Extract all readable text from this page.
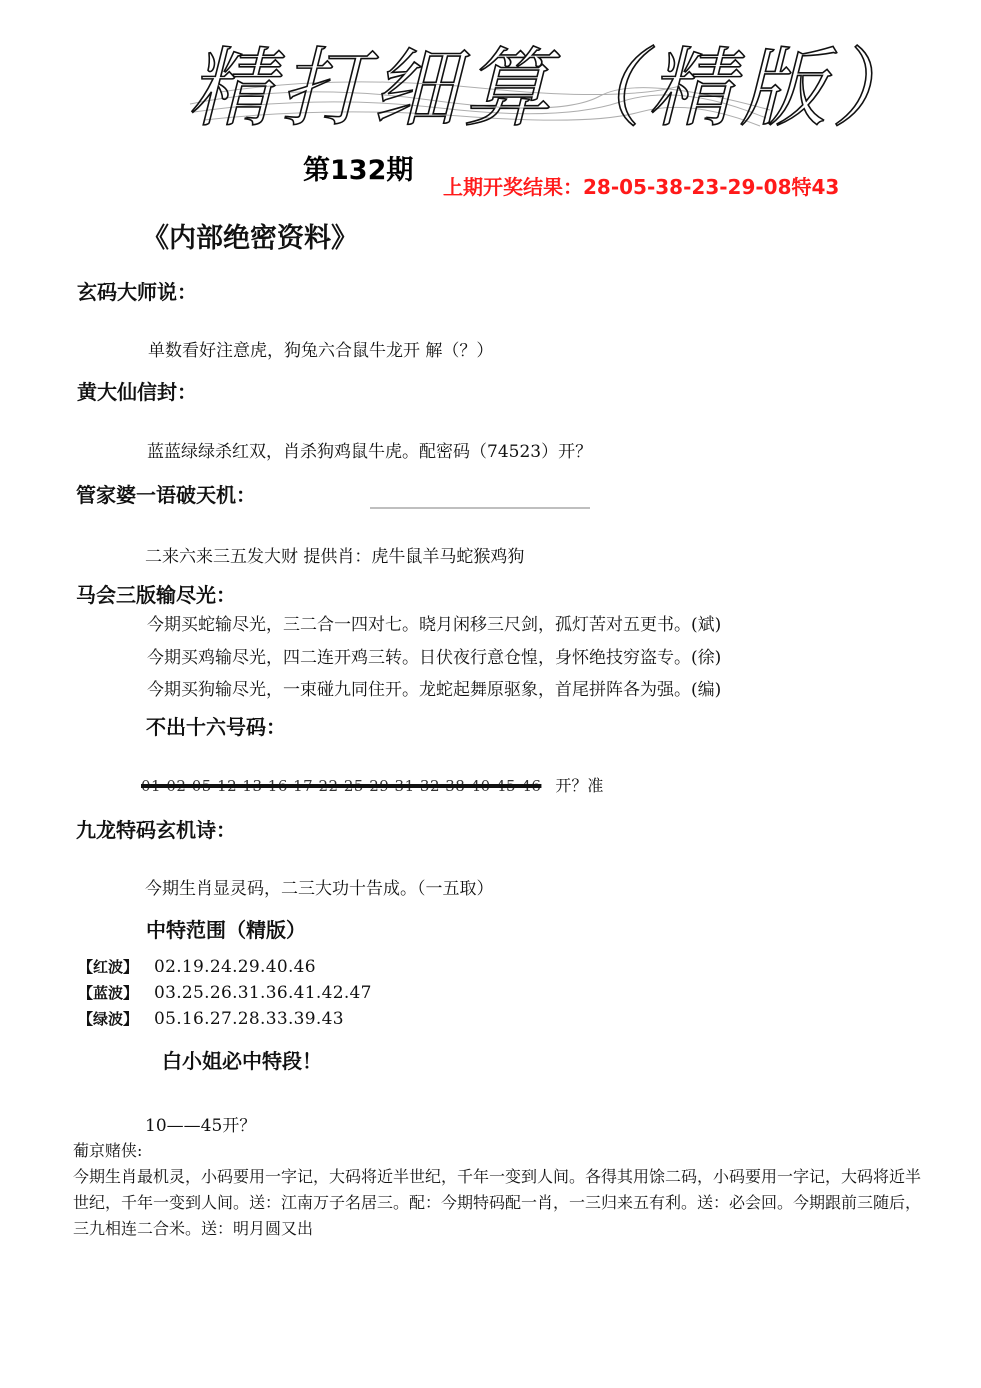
精打细算（精版）
第132期
上期开奖结果：28-05-38-23-29-08特43
《内部绝密资料》
玄码大师说：
单数看好注意虎，狗兔六合鼠牛龙开 解（？）
黄大仙信封：
蓝蓝绿绿杀红双，肖杀狗鸡鼠牛虎。配密码（74523）开？
管家婆一语破天机：
二来六来三五发大财 提供肖：虎牛鼠羊马蛇猴鸡狗
马会三版输尽光：
今期买蛇输尽光，三二合一四对七。晓月闲移三尺剑，孤灯苦对五更书。(斌)
今期买鸡输尽光，四二连开鸡三转。日伏夜行意仓惶，身怀绝技穷盗专。(徐)
今期买狗输尽光，一束碰九同住开。龙蛇起舞原驱象，首尾拼阵各为强。(编)
不出十六号码：
01 02 05 12 13 16 17 22 25 29 31 32 38 40 45 46 开？准
九龙特码玄机诗：
今期生肖显灵码，二三大功十告成。（一五取）
中特范围（精版）
【红波】 02.19.24.29.40.46
【蓝波】 03.25.26.31.36.41.42.47
【绿波】 05.16.27.28.33.39.43
白小姐必中特段！
10——45开？
葡京赌侠:
今期生肖最机灵，小码要用一字记，大码将近半世纪，千年一变到人间。各得其用馀二码，小码要用一字记，大码将近半世纪，千年一变到人间。送：江南万子名居三。配：今期特码配一肖，一三归来五有利。送：必会回。今期跟前三随后，三九相连二合米。送：明月圆又出
